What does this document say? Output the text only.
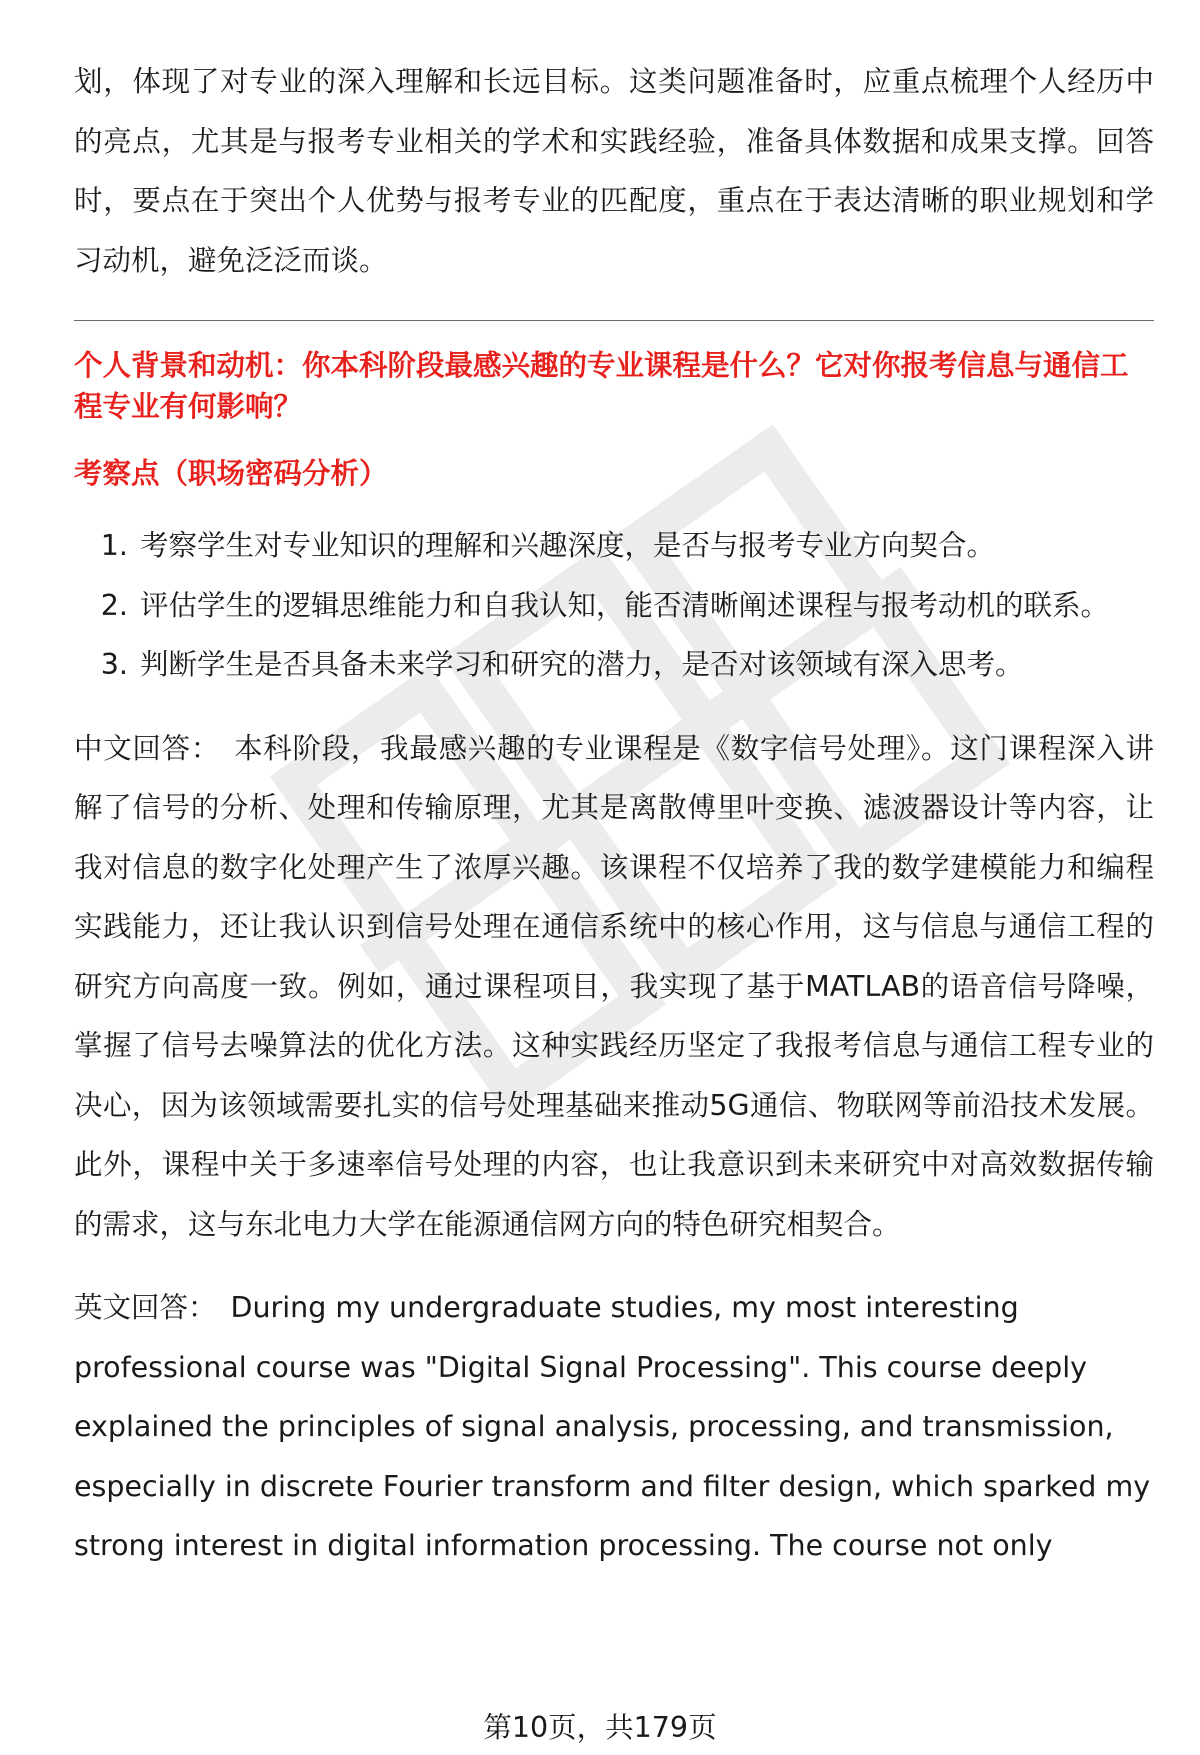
划，体现了对专业的深入理解和长远目标。这类问题准备时，应重点梳理个人经历中的亮点，尤其是与报考专业相关的学术和实践经验，准备具体数据和成果支撑。回答时，要点在于突出个人优势与报考专业的匹配度，重点在于表达清晰的职业规划和学习动机，避免泛泛而谈。

个人背景和动机：你本科阶段最感兴趣的专业课程是什么？它对你报考信息与通信工程专业有何影响？
考察点（职场密码分析）
1. 考察学生对专业知识的理解和兴趣深度，是否与报考专业方向契合。
2. 评估学生的逻辑思维能力和自我认知，能否清晰阐述课程与报考动机的联系。
3. 判断学生是否具备未来学习和研究的潜力，是否对该领域有深入思考。

中文回答： 本科阶段，我最感兴趣的专业课程是《数字信号处理》。这门课程深入讲解了信号的分析、处理和传输原理，尤其是离散傅里叶变换、滤波器设计等内容，让我对信息的数字化处理产生了浓厚兴趣。该课程不仅培养了我的数学建模能力和编程实践能力，还让我认识到信号处理在通信系统中的核心作用，这与信息与通信工程的研究方向高度一致。例如，通过课程项目，我实现了基于MATLAB的语音信号降噪，掌握了信号去噪算法的优化方法。这种实践经历坚定了我报考信息与通信工程专业的决心，因为该领域需要扎实的信号处理基础来推动5G通信、物联网等前沿技术发展。此外，课程中关于多速率信号处理的内容，也让我意识到未来研究中对高效数据传输的需求，这与东北电力大学在能源通信网方向的特色研究相契合。

英文回答： During my undergraduate studies, my most interesting professional course was "Digital Signal Processing". This course deeply explained the principles of signal analysis, processing, and transmission, especially in discrete Fourier transform and filter design, which sparked my strong interest in digital information processing. The course not only

第10页，共179页
